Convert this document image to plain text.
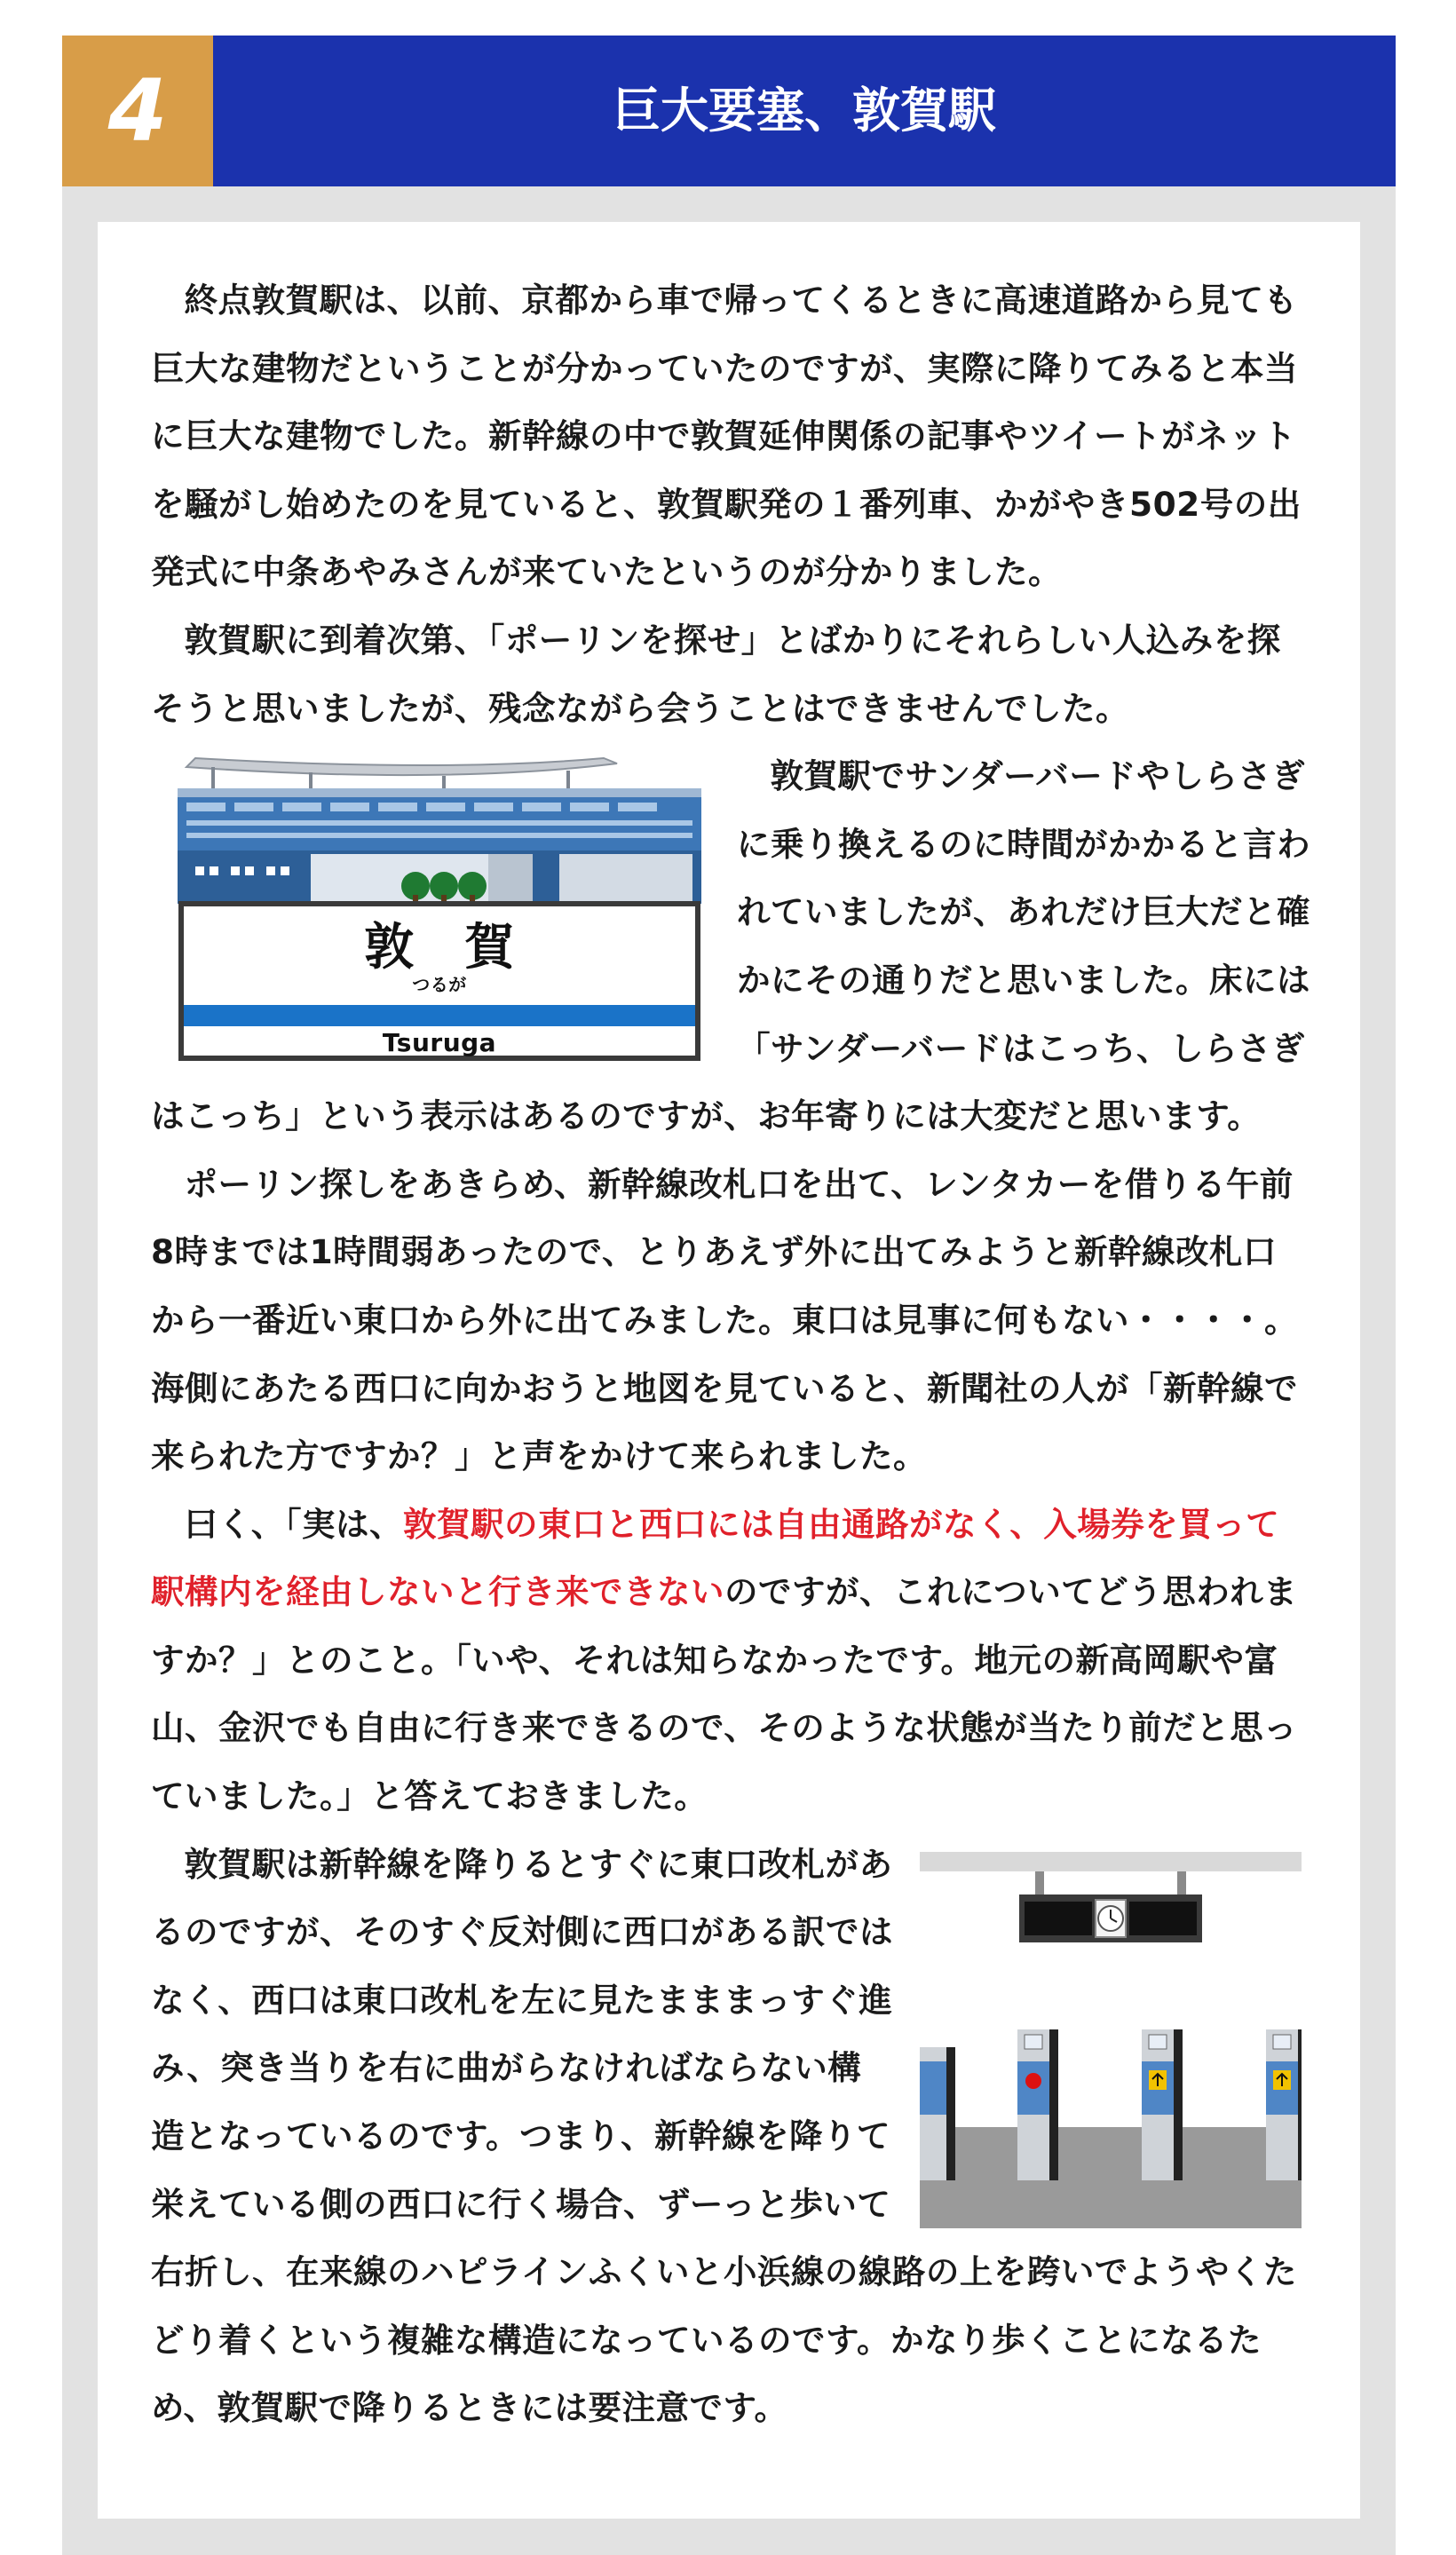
4	巨大要塞、敦賀駅

終点敦賀駅は、以前、京都から車で帰ってくるときに高速道路から見ても巨大な建物だということが分かっていたのですが、実際に降りてみると本当に巨大な建物でした。新幹線の中で敦賀延伸関係の記事やツイートがネットを騒がし始めたのを見ていると、敦賀駅発の１番列車、かがやき502号の出発式に中条あやみさんが来ていたというのが分かりました。

敦賀駅に到着次第、「ポーリンを探せ」とばかりにそれらしい人込みを探そうと思いましたが、残念ながら会うことはできませんでした。

敦　賀
つるが
Tsuruga

敦賀駅でサンダーバードやしらさぎに乗り換えるのに時間がかかると言われていましたが、あれだけ巨大だと確かにその通りだと思いました。床には「サンダーバードはこっち、しらさぎはこっち」という表示はあるのですが、お年寄りには大変だと思います。

ポーリン探しをあきらめ、新幹線改札口を出て、レンタカーを借りる午前8時までは1時間弱あったので、とりあえず外に出てみようと新幹線改札口から一番近い東口から外に出てみました。東口は見事に何もない・・・・。海側にあたる西口に向かおうと地図を見ていると、新聞社の人が「新幹線で来られた方ですか？」と声をかけて来られました。

曰く、「実は、敦賀駅の東口と西口には自由通路がなく、入場券を買って駅構内を経由しないと行き来できないのですが、これについてどう思われますか？」とのこと。「いや、それは知らなかったです。地元の新高岡駅や富山、金沢でも自由に行き来できるので、そのような状態が当たり前だと思っていました。」と答えておきました。

敦賀駅は新幹線を降りるとすぐに東口改札があるのですが、そのすぐ反対側に西口がある訳ではなく、西口は東口改札を左に見たまままっすぐ進み、突き当りを右に曲がらなければならない構造となっているのです。つまり、新幹線を降りて栄えている側の西口に行く場合、ずーっと歩いて右折し、在来線のハピラインふくいと小浜線の線路の上を跨いでようやくたどり着くという複雑な構造になっているのです。かなり歩くことになるため、敦賀駅で降りるときには要注意です。
